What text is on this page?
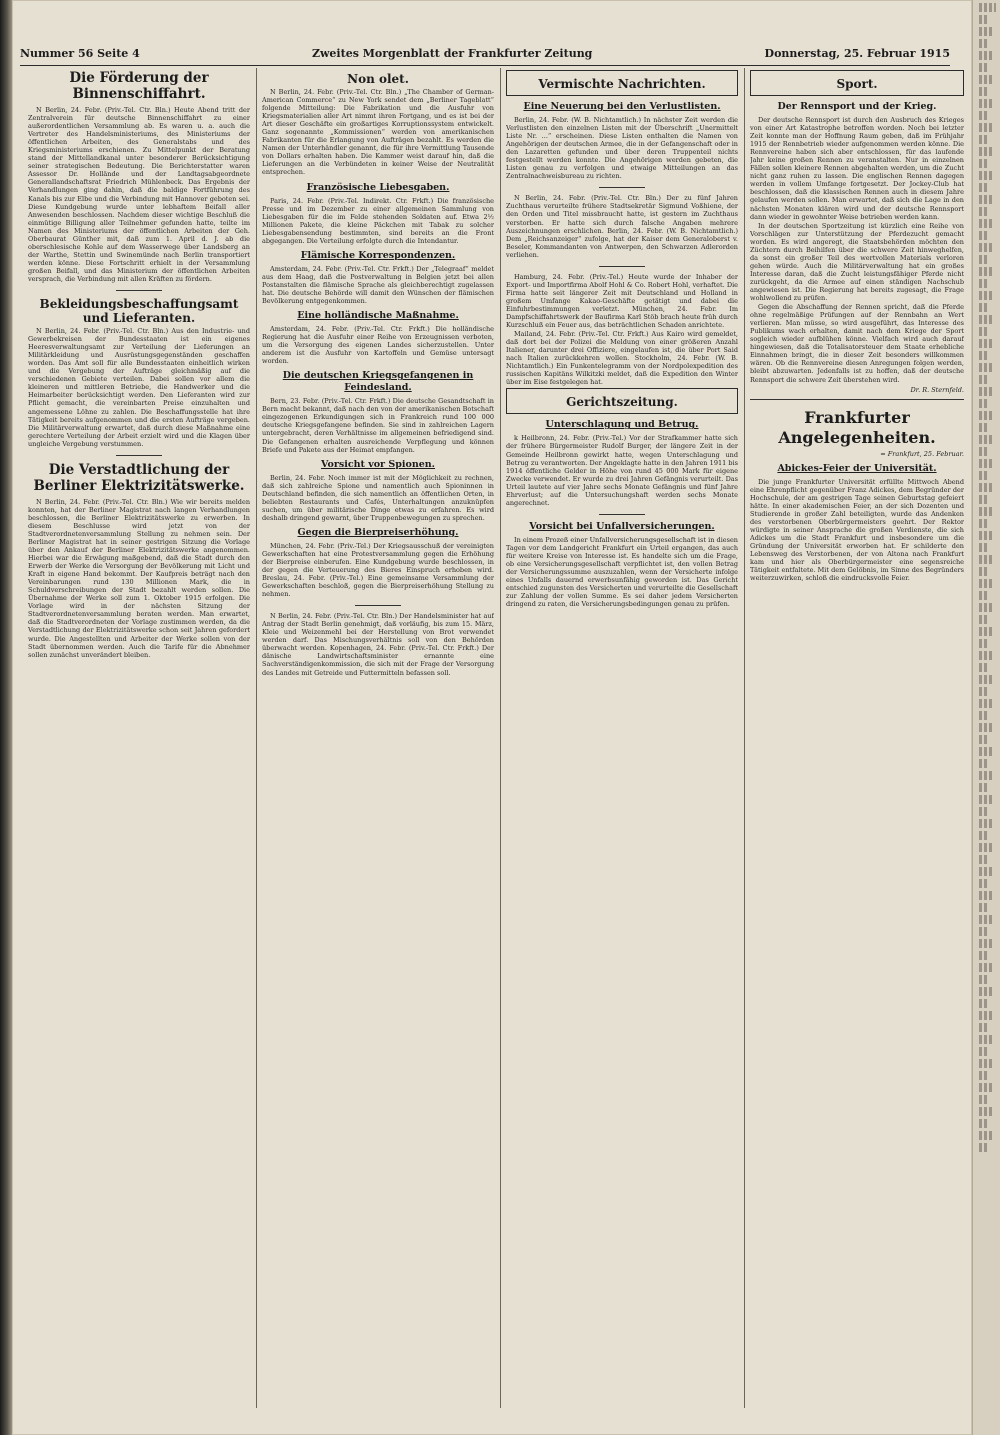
Nummer 56 Seite 4	Zweites Morgenblatt der Frankfurter Zeitung	Donnerstag, 25. Februar 1915
Die Förderung der Binnenschiffahrt.

N Berlin, 24. Febr. (Priv.-Tel. Ctr. Bln.) Heute Abend tritt der Zentralverein für deutsche Binnenschiffahrt zu einer außerordentlichen Versammlung ab. Es waren u. a. auch die Vertreter des Handelsministeriums, des Ministeriums der öffentlichen Arbeiten, des Generalstabs und des Kriegsministeriums erschienen. Zu Mittelpunkt der Beratung stand der Mittellandkanal unter besonderer Berücksichtigung seiner strategischen Bedeutung. Die Berichterstatter waren Assessor Dr. Hollände und der Landtagsabgeordnete Generallandschaftsrat Friedrich Mühlenbeck. Das Ergebnis der Verhandlungen ging dahin, daß die baldige Fortführung des Kanals bis zur Elbe und die Verbindung mit Hannover geboten sei. Diese Kundgebung wurde unter lebhaftem Beifall aller Anwesenden beschlossen. Nachdem dieser wichtige Beschluß die einmütige Billigung aller Teilnehmer gefunden hatte, teilte im Namen des Ministeriums der öffentlichen Arbeiten der Geh. Oberbaurat Günther mit, daß zum 1. April d. J. ab die oberschlesische Kohle auf dem Wasserwege über Landsberg an der Warthe, Stettin und Swinemünde nach Berlin transportiert werden könne. Diese Fortschritt erhielt in der Versammlung großen Beifall, und das Ministerium der öffentlichen Arbeiten versprach, die Verbindung mit allen Kräften zu fördern.

Bekleidungsbeschaffungsamt und Lieferanten.

N Berlin, 24. Febr. (Priv.-Tel. Ctr. Bln.) Aus den Industrie- und Gewerbekreisen der Bundesstaaten ist ein eigenes Heeresverwaltungsamt zur Verteilung der Lieferungen an Militärkleidung und Ausrüstungsgegenständen geschaffen worden. Das Amt soll für alle Bundesstaaten einheitlich wirken und die Vergebung der Aufträge gleichmäßig auf die verschiedenen Gebiete verteilen. Dabei sollen vor allem die kleineren und mittleren Betriebe, die Handwerker und die Heimarbeiter berücksichtigt werden. Den Lieferanten wird zur Pflicht gemacht, die vereinbarten Preise einzuhalten und angemessene Löhne zu zahlen. Die Beschaffungsstelle hat ihre Tätigkeit bereits aufgenommen und die ersten Aufträge vergeben. Die Militärverwaltung erwartet, daß durch diese Maßnahme eine gerechtere Verteilung der Arbeit erzielt wird und die Klagen über ungleiche Vergebung verstummen.

Die Verstadtlichung der Berliner Elektrizitätswerke.

N Berlin, 24. Febr. (Priv.-Tel. Ctr. Bln.) Wie wir bereits melden konnten, hat der Berliner Magistrat nach langen Verhandlungen beschlossen, die Berliner Elektrizitätswerke zu erwerben. In diesem Beschlusse wird jetzt von der Stadtverordnetenversammlung Stellung zu nehmen sein. Der Berliner Magistrat hat in seiner gestrigen Sitzung die Vorlage über den Ankauf der Berliner Elektrizitätswerke angenommen. Hierbei war die Erwägung maßgebend, daß die Stadt durch den Erwerb der Werke die Versorgung der Bevölkerung mit Licht und Kraft in eigene Hand bekommt. Der Kaufpreis beträgt nach den Vereinbarungen rund 130 Millionen Mark, die in Schuldverschreibungen der Stadt bezahlt werden sollen. Die Übernahme der Werke soll zum 1. Oktober 1915 erfolgen. Die Vorlage wird in der nächsten Sitzung der Stadtverordnetenversammlung beraten werden. Man erwartet, daß die Stadtverordneten der Vorlage zustimmen werden, da die Verstadtlichung der Elektrizitätswerke schon seit Jahren gefordert wurde. Die Angestellten und Arbeiter der Werke sollen von der Stadt übernommen werden. Auch die Tarife für die Abnehmer sollen zunächst unverändert bleiben.

Non olet.

N Berlin, 24. Febr. (Priv.-Tel. Ctr. Bln.) „The Chamber of German-American Commerce“ zu New York sendet dem „Berliner Tageblatt“ folgende Mitteilung: Die Fabrikation und die Ausfuhr von Kriegsmaterialien aller Art nimmt ihren Fortgang, und es ist bei der Art dieser Geschäfte ein großartiges Korruptionssystem entwickelt. Ganz sogenannte „Kommissionen“ werden von amerikanischen Fabrikanten für die Erlangung von Aufträgen bezahlt. Es werden die Namen der Unterhändler genannt, die für ihre Vermittlung Tausende von Dollars erhalten haben. Die Kammer weist darauf hin, daß die Lieferungen an die Verbündeten in keiner Weise der Neutralität entsprechen.

Französische Liebesgaben.

Paris, 24. Febr. (Priv.-Tel. Indirekt. Ctr. Frkft.) Die französische Presse und im Dezember zu einer allgemeinen Sammlung von Liebesgaben für die im Felde stehenden Soldaten auf. Etwa 2½ Millionen Pakete, die kleine Päckchen mit Tabak zu solcher Liebesgabensendung bestimmten, sind bereits an die Front abgegangen. Die Verteilung erfolgte durch die Intendantur.

Flämische Korrespondenzen.

Amsterdam, 24. Febr. (Priv.-Tel. Ctr. Frkft.) Der „Telegraaf“ meldet aus dem Haag, daß die Postverwaltung in Belgien jetzt bei allen Postanstalten die flämische Sprache als gleichberechtigt zugelassen hat. Die deutsche Behörde will damit den Wünschen der flämischen Bevölkerung entgegenkommen.

Eine holländische Maßnahme.

Amsterdam, 24. Febr. (Priv.-Tel. Ctr. Frkft.) Die holländische Regierung hat die Ausfuhr einer Reihe von Erzeugnissen verboten, um die Versorgung des eigenen Landes sicherzustellen. Unter anderem ist die Ausfuhr von Kartoffeln und Gemüse untersagt worden.

Die deutschen Kriegsgefangenen in Feindesland.

Bern, 23. Febr. (Priv.-Tel. Ctr. Frkft.) Die deutsche Gesandtschaft in Bern macht bekannt, daß nach den von der amerikanischen Botschaft eingezogenen Erkundigungen sich in Frankreich rund 100 000 deutsche Kriegsgefangene befinden. Sie sind in zahlreichen Lagern untergebracht, deren Verhältnisse im allgemeinen befriedigend sind. Die Gefangenen erhalten ausreichende Verpflegung und können Briefe und Pakete aus der Heimat empfangen.

Vorsicht vor Spionen.

Berlin, 24. Febr. Noch immer ist mit der Möglichkeit zu rechnen, daß sich zahlreiche Spione und namentlich auch Spioninnen in Deutschland befinden, die sich namentlich an öffentlichen Orten, in beliebten Restaurants und Cafés, Unterhaltungen anzuknüpfen suchen, um über militärische Dinge etwas zu erfahren. Es wird deshalb dringend gewarnt, über Truppenbewegungen zu sprechen.

Gegen die Bierpreiserhöhung.

München, 24. Febr. (Priv.-Tel.) Der Kriegsausschuß der vereinigten Gewerkschaften hat eine Protestversammlung gegen die Erhöhung der Bierpreise einberufen. Eine Kundgebung wurde beschlossen, in der gegen die Verteuerung des Bieres Einspruch erhoben wird. Breslau, 24. Febr. (Priv.-Tel.) Eine gemeinsame Versammlung der Gewerkschaften beschloß, gegen die Bierpreiserhöhung Stellung zu nehmen.

N Berlin, 24. Febr. (Priv.-Tel. Ctr. Bln.) Der Handelsminister hat auf Antrag der Stadt Berlin genehmigt, daß vorläufig, bis zum 15. März, Kleie und Weizenmehl bei der Herstellung von Brot verwendet werden darf. Das Mischungsverhältnis soll von den Behörden überwacht werden. Kopenhagen, 24. Febr. (Priv.-Tel. Ctr. Frkft.) Der dänische Landwirtschaftsminister ernannte eine Sachverständigenkommission, die sich mit der Frage der Versorgung des Landes mit Getreide und Futtermitteln befassen soll.

Vermischte Nachrichten.
Eine Neuerung bei den Verlustlisten.

Berlin, 24. Febr. (W. B. Nichtamtlich.) In nächster Zeit werden die Verlustlisten den einzelnen Listen mit der Überschrift „Unermittelt Liste Nr. ...“ erscheinen. Diese Listen enthalten die Namen von Angehörigen der deutschen Armee, die in der Gefangenschaft oder in den Lazaretten gefunden und über deren Truppenteil nichts festgestellt werden konnte. Die Angehörigen werden gebeten, die Listen genau zu verfolgen und etwaige Mitteilungen an das Zentralnachweisbureau zu richten.

N Berlin, 24. Febr. (Priv.-Tel. Ctr. Bln.) Der zu fünf Jahren Zuchthaus verurteilte frühere Stadtsekretär Sigmund Voßhiene, der den Orden und Titel missbraucht hatte, ist gestern im Zuchthaus verstorben. Er hatte sich durch falsche Angaben mehrere Auszeichnungen erschlichen. Berlin, 24. Febr. (W. B. Nichtamtlich.) Dem „Reichsanzeiger“ zufolge, hat der Kaiser dem Generaloberst v. Beseler, Kommandanten von Antwerpen, den Schwarzen Adlerorden verliehen.

Hamburg, 24. Febr. (Priv.-Tel.) Heute wurde der Inhaber der Export- und Importfirma Abolf Hohl & Co. Robert Hohl, verhaftet. Die Firma hatte seit längerer Zeit mit Deutschland und Holland in großem Umfange Kakao-Geschäfte getätigt und dabei die Einfuhrbestimmungen verletzt. München, 24. Febr. Im Dampfschiffahrtswerk der Baufirma Karl Stöb brach heute früh durch Kurzschluß ein Feuer aus, das beträchtlichen Schaden anrichtete.

Mailand, 24. Febr. (Priv.-Tel. Ctr. Frkft.) Aus Kairo wird gemeldet, daß dort bei der Polizei die Meldung von einer größeren Anzahl Italiener, darunter drei Offiziere, eingelaufen ist, die über Port Said nach Italien zurückkehren wollen. Stockholm, 24. Febr. (W. B. Nichtamtlich.) Ein Funkentelegramm von der Nordpolexpedition des russischen Kapitäns Wilkitzki meldet, daß die Expedition den Winter über im Eise festgelegen hat.

Gerichtszeitung.
Unterschlagung und Betrug.

k Heilbronn, 24. Febr. (Priv.-Tel.) Vor der Strafkammer hatte sich der frühere Bürgermeister Rudolf Burger, der längere Zeit in der Gemeinde Heilbronn gewirkt hatte, wegen Unterschlagung und Betrug zu verantworten. Der Angeklagte hatte in den Jahren 1911 bis 1914 öffentliche Gelder in Höhe von rund 45 000 Mark für eigene Zwecke verwendet. Er wurde zu drei Jahren Gefängnis verurteilt. Das Urteil lautete auf vier Jahre sechs Monate Gefängnis und fünf Jahre Ehrverlust; auf die Untersuchungshaft werden sechs Monate angerechnet.

Vorsicht bei Unfallversicherungen.

In einem Prozeß einer Unfallversicherungsgesellschaft ist in diesen Tagen vor dem Landgericht Frankfurt ein Urteil ergangen, das auch für weitere Kreise von Interesse ist. Es handelte sich um die Frage, ob eine Versicherungsgesellschaft verpflichtet ist, den vollen Betrag der Versicherungssumme auszuzahlen, wenn der Versicherte infolge eines Unfalls dauernd erwerbsunfähig geworden ist. Das Gericht entschied zugunsten des Versicherten und verurteilte die Gesellschaft zur Zahlung der vollen Summe. Es sei daher jedem Versicherten dringend zu raten, die Versicherungsbedingungen genau zu prüfen.

Sport.
Der Rennsport und der Krieg.

Der deutsche Rennsport ist durch den Ausbruch des Krieges von einer Art Katastrophe betroffen worden. Noch bei letzter Zeit konnte man der Hoffnung Raum geben, daß im Frühjahr 1915 der Rennbetrieb wieder aufgenommen werden könne. Die Rennvereine haben sich aber entschlossen, für das laufende Jahr keine großen Rennen zu veranstalten. Nur in einzelnen Fällen sollen kleinere Rennen abgehalten werden, um die Zucht nicht ganz ruhen zu lassen. Die englischen Rennen dagegen werden in vollem Umfange fortgesetzt. Der Jockey-Club hat beschlossen, daß die klassischen Rennen auch in diesem Jahre gelaufen werden sollen. Man erwartet, daß sich die Lage in den nächsten Monaten klären wird und der deutsche Rennsport dann wieder in gewohnter Weise betrieben werden kann.

In der deutschen Sportzeitung ist kürzlich eine Reihe von Vorschlägen zur Unterstützung der Pferdezucht gemacht worden. Es wird angeregt, die Staatsbehörden möchten den Züchtern durch Beihilfen über die schwere Zeit hinweghelfen, da sonst ein großer Teil des wertvollen Materials verloren gehen würde. Auch die Militärverwaltung hat ein großes Interesse daran, daß die Zucht leistungsfähiger Pferde nicht zurückgeht, da die Armee auf einen ständigen Nachschub angewiesen ist. Die Regierung hat bereits zugesagt, die Frage wohlwollend zu prüfen.

Gegen die Abschaffung der Rennen spricht, daß die Pferde ohne regelmäßige Prüfungen auf der Rennbahn an Wert verlieren. Man müsse, so wird ausgeführt, das Interesse des Publikums wach erhalten, damit nach dem Kriege der Sport sogleich wieder aufblühen könne. Vielfach wird auch darauf hingewiesen, daß die Totalisatorsteuer dem Staate erhebliche Einnahmen bringt, die in dieser Zeit besonders willkommen wären. Ob die Rennvereine diesen Anregungen folgen werden, bleibt abzuwarten. Jedenfalls ist zu hoffen, daß der deutsche Rennsport die schwere Zeit überstehen wird.

Dr. R. Sternfeld.
Frankfurter Angelegenheiten.
= Frankfurt, 25. Februar.
Abickes-Feier der Universität.

Die junge Frankfurter Universität erfüllte Mittwoch Abend eine Ehrenpflicht gegenüber Franz Adickes, dem Begründer der Hochschule, der am gestrigen Tage seinen Geburtstag gefeiert hätte. In einer akademischen Feier, an der sich Dozenten und Studierende in großer Zahl beteiligten, wurde das Andenken des verstorbenen Oberbürgermeisters geehrt. Der Rektor würdigte in seiner Ansprache die großen Verdienste, die sich Adickes um die Stadt Frankfurt und insbesondere um die Gründung der Universität erworben hat. Er schilderte den Lebensweg des Verstorbenen, der von Altona nach Frankfurt kam und hier als Oberbürgermeister eine segensreiche Tätigkeit entfaltete. Mit dem Gelöbnis, im Sinne des Begründers weiterzuwirken, schloß die eindrucksvolle Feier.
